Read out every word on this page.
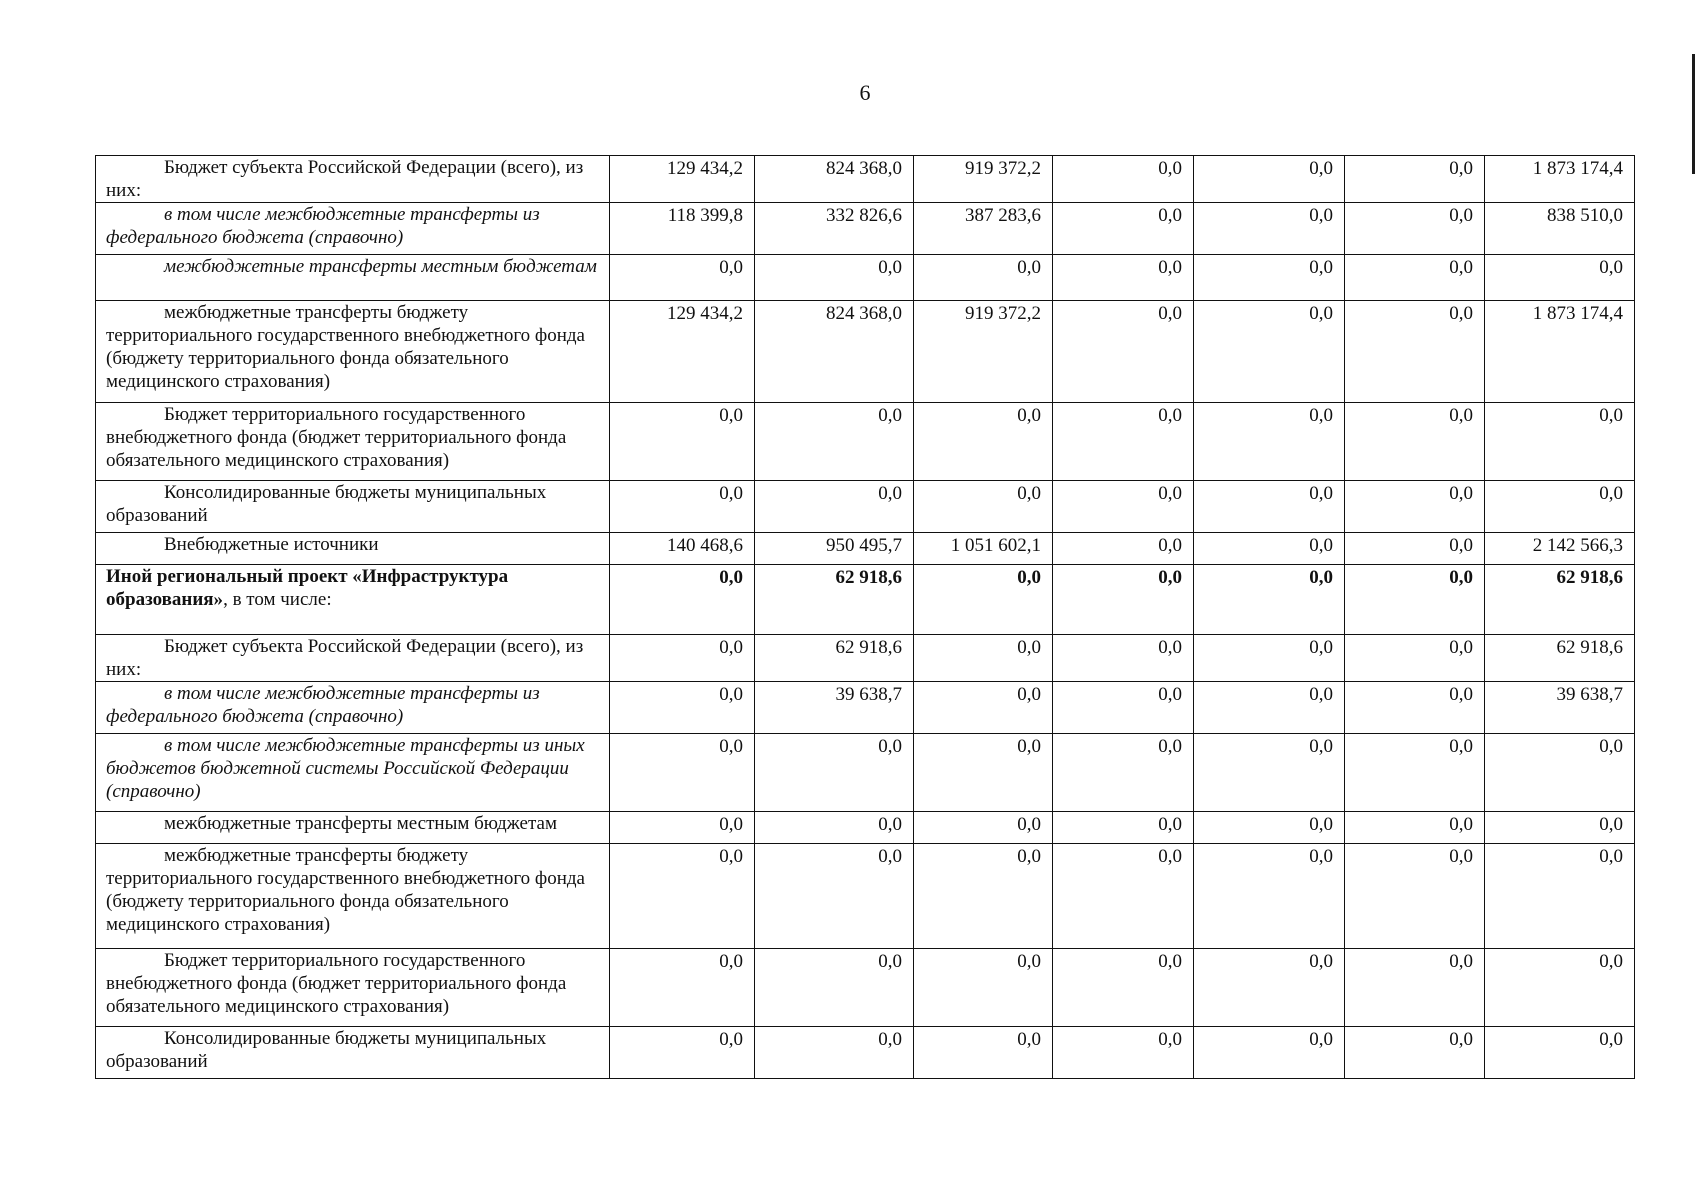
6
Бюджет субъекта Российской Федерации (всего), из них:	129 434,2	824 368,0	919 372,2	0,0	0,0	0,0	1 873 174,4
в том числе межбюджетные трансферты из федерального бюджета (справочно)	118 399,8	332 826,6	387 283,6	0,0	0,0	0,0	838 510,0
межбюджетные трансферты местным бюджетам	0,0	0,0	0,0	0,0	0,0	0,0	0,0
межбюджетные трансферты бюджету территориального государственного внебюджетного фонда (бюджету территориального фонда обязательного медицинского страхования)	129 434,2	824 368,0	919 372,2	0,0	0,0	0,0	1 873 174,4
Бюджет территориального государственного внебюджетного фонда (бюджет территориального фонда обязательного медицинского страхования)	0,0	0,0	0,0	0,0	0,0	0,0	0,0
Консолидированные бюджеты муниципальных образований	0,0	0,0	0,0	0,0	0,0	0,0	0,0
Внебюджетные источники	140 468,6	950 495,7	1 051 602,1	0,0	0,0	0,0	2 142 566,3
Иной региональный проект «Инфраструктура образования», в том числе:	0,0	62 918,6	0,0	0,0	0,0	0,0	62 918,6
Бюджет субъекта Российской Федерации (всего), из них:	0,0	62 918,6	0,0	0,0	0,0	0,0	62 918,6
в том числе межбюджетные трансферты из федерального бюджета (справочно)	0,0	39 638,7	0,0	0,0	0,0	0,0	39 638,7
в том числе межбюджетные трансферты из иных бюджетов бюджетной системы Российской Федерации (справочно)	0,0	0,0	0,0	0,0	0,0	0,0	0,0
межбюджетные трансферты местным бюджетам	0,0	0,0	0,0	0,0	0,0	0,0	0,0
межбюджетные трансферты бюджету территориального государственного внебюджетного фонда (бюджету территориального фонда обязательного медицинского страхования)	0,0	0,0	0,0	0,0	0,0	0,0	0,0
Бюджет территориального государственного внебюджетного фонда (бюджет территориального фонда обязательного медицинского страхования)	0,0	0,0	0,0	0,0	0,0	0,0	0,0
Консолидированные бюджеты муниципальных образований	0,0	0,0	0,0	0,0	0,0	0,0	0,0
